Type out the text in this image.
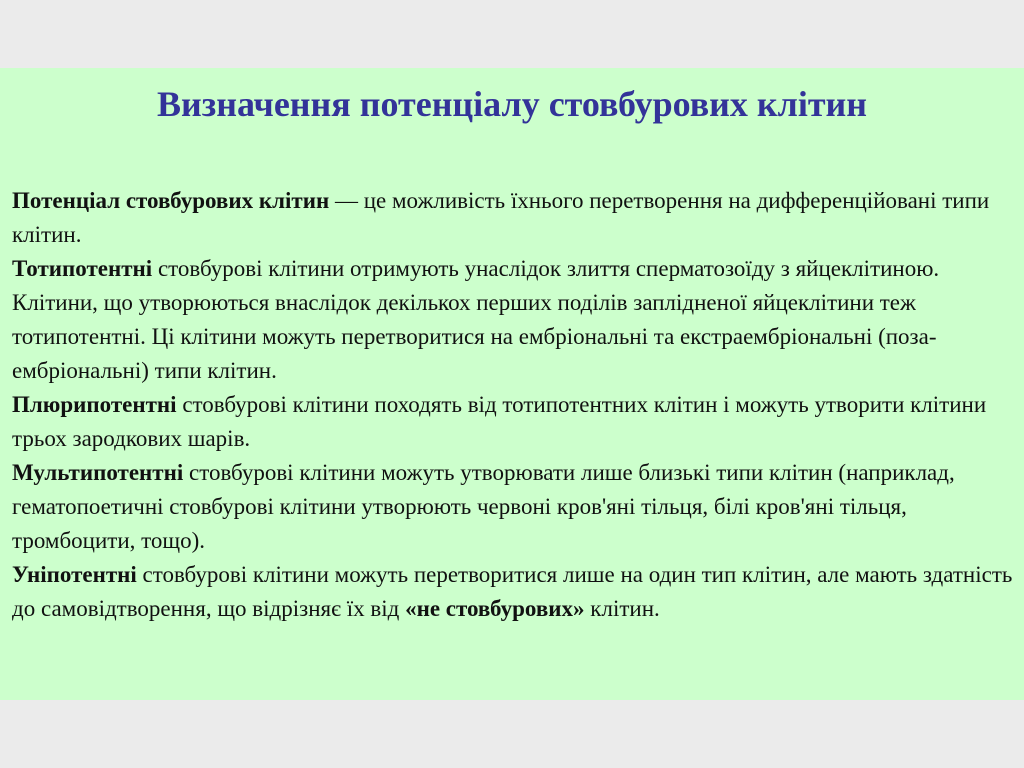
Визначення потенціалу стовбурових клітин

Потенціал стовбурових клітин — це можливість їхнього перетворення на дифференційовані типи клітин.

Тотипотентні стовбурові клітини отримують унаслідок злиття сперматозоїду з яйцеклітиною. Клітини, що утворюються внаслідок декількох перших поділів заплідненої яйцеклітини теж тотипотентні. Ці клітини можуть перетворитися на ембріональні та екстраембріональні (поза-ембріональні) типи клітин.

Плюрипотентні стовбурові клітини походять від тотипотентних клітин і можуть утворити клітини трьох зародкових шарів.

Мультипотентні стовбурові клітини можуть утворювати лише близькі типи клітин (наприклад, гематопоетичні стовбурові клітини утворюють червоні кров'яні тільця, білі кров'яні тільця, тромбоцити, тощо).

Уніпотентні стовбурові клітини можуть перетворитися лише на один тип клітин, але мають здатність до самовідтворення, що відрізняє їх від «не стовбурових» клітин.
